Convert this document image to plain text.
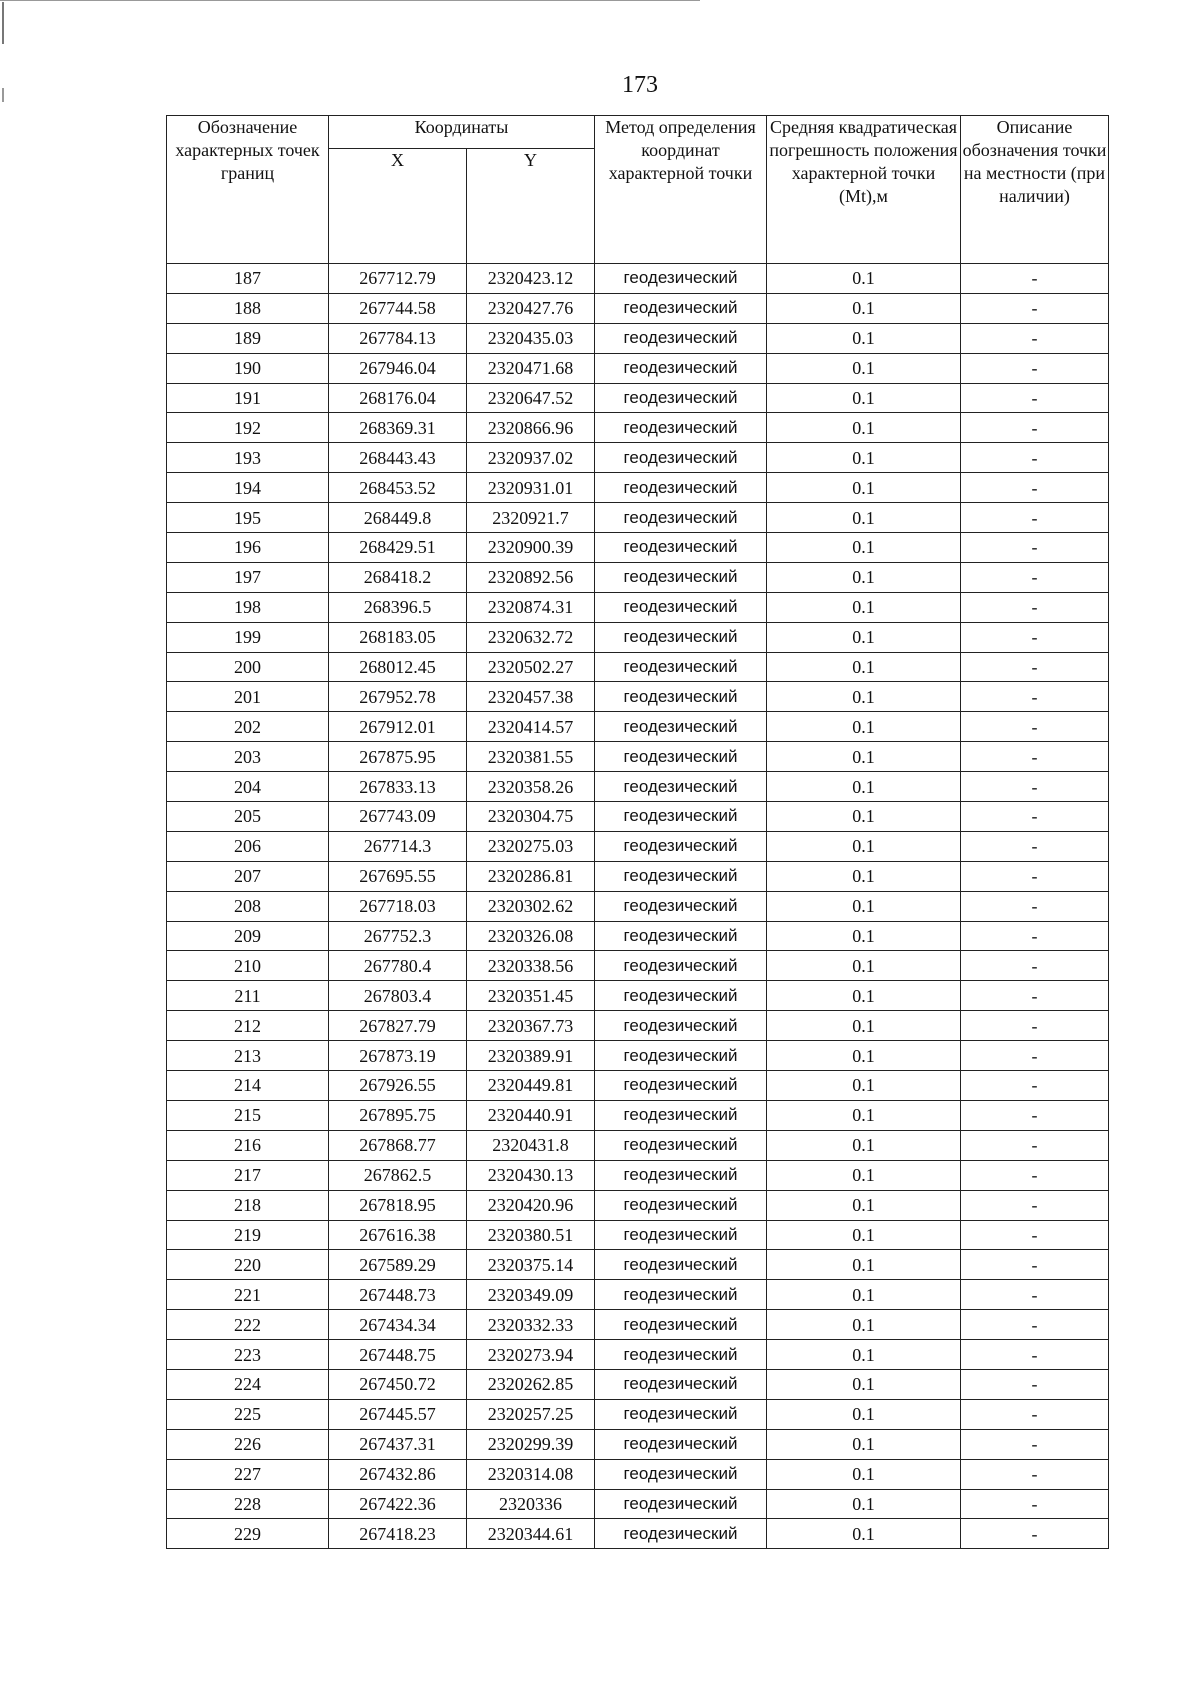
173
Обозначение характерных точек границ	Координаты		Метод определения координат характерной точки	Средняя квадратическая погрешность положения характерной точки (Mt),м	Описание обозначения точки на местности (при наличии)
	X	Y			
187	267712.79	2320423.12	геодезический	0.1	-
188	267744.58	2320427.76	геодезический	0.1	-
189	267784.13	2320435.03	геодезический	0.1	-
190	267946.04	2320471.68	геодезический	0.1	-
191	268176.04	2320647.52	геодезический	0.1	-
192	268369.31	2320866.96	геодезический	0.1	-
193	268443.43	2320937.02	геодезический	0.1	-
194	268453.52	2320931.01	геодезический	0.1	-
195	268449.8	2320921.7	геодезический	0.1	-
196	268429.51	2320900.39	геодезический	0.1	-
197	268418.2	2320892.56	геодезический	0.1	-
198	268396.5	2320874.31	геодезический	0.1	-
199	268183.05	2320632.72	геодезический	0.1	-
200	268012.45	2320502.27	геодезический	0.1	-
201	267952.78	2320457.38	геодезический	0.1	-
202	267912.01	2320414.57	геодезический	0.1	-
203	267875.95	2320381.55	геодезический	0.1	-
204	267833.13	2320358.26	геодезический	0.1	-
205	267743.09	2320304.75	геодезический	0.1	-
206	267714.3	2320275.03	геодезический	0.1	-
207	267695.55	2320286.81	геодезический	0.1	-
208	267718.03	2320302.62	геодезический	0.1	-
209	267752.3	2320326.08	геодезический	0.1	-
210	267780.4	2320338.56	геодезический	0.1	-
211	267803.4	2320351.45	геодезический	0.1	-
212	267827.79	2320367.73	геодезический	0.1	-
213	267873.19	2320389.91	геодезический	0.1	-
214	267926.55	2320449.81	геодезический	0.1	-
215	267895.75	2320440.91	геодезический	0.1	-
216	267868.77	2320431.8	геодезический	0.1	-
217	267862.5	2320430.13	геодезический	0.1	-
218	267818.95	2320420.96	геодезический	0.1	-
219	267616.38	2320380.51	геодезический	0.1	-
220	267589.29	2320375.14	геодезический	0.1	-
221	267448.73	2320349.09	геодезический	0.1	-
222	267434.34	2320332.33	геодезический	0.1	-
223	267448.75	2320273.94	геодезический	0.1	-
224	267450.72	2320262.85	геодезический	0.1	-
225	267445.57	2320257.25	геодезический	0.1	-
226	267437.31	2320299.39	геодезический	0.1	-
227	267432.86	2320314.08	геодезический	0.1	-
228	267422.36	2320336	геодезический	0.1	-
229	267418.23	2320344.61	геодезический	0.1	-
